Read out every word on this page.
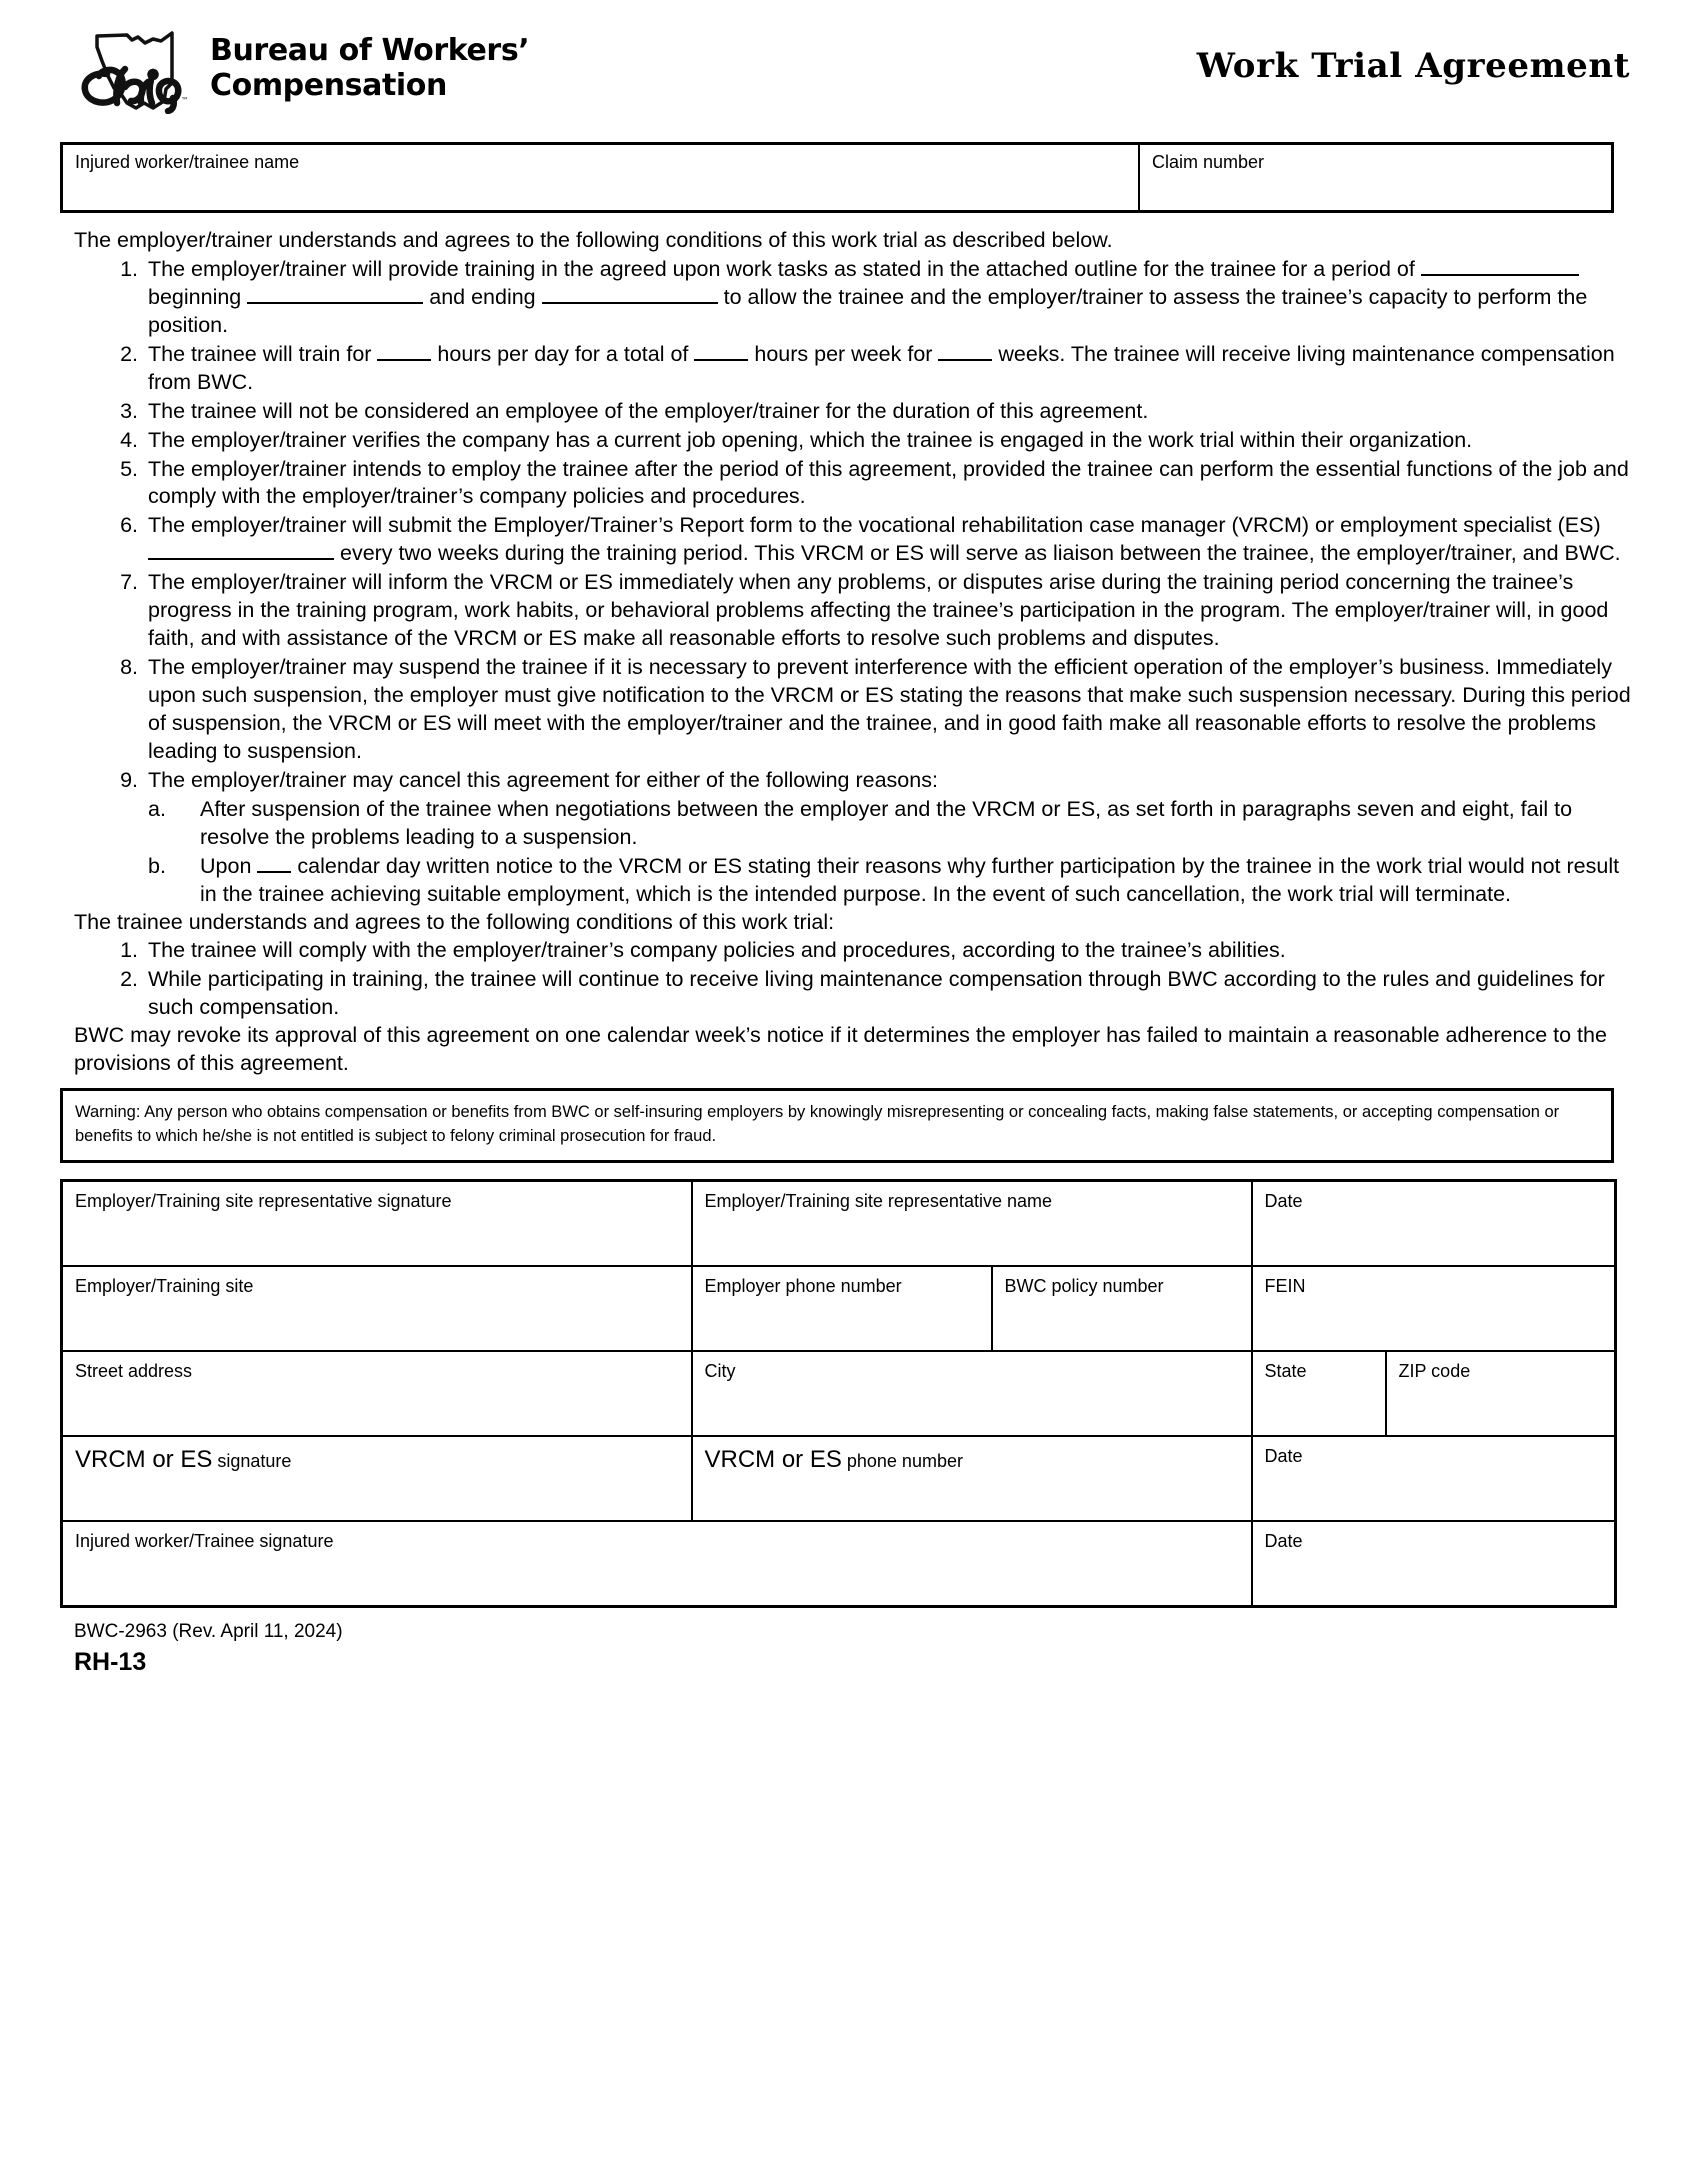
™
Bureau of Workers’
Compensation	Work Trial Agreement
Injured worker/trainee name	Claim number

The employer/trainer understands and agrees to the following conditions of this work trial as described below.

1. The employer/trainer will provide training in the agreed upon work tasks as stated in the attached outline for the trainee for a period of  beginning	and ending	to allow the trainee and the employer/trainer to assess the trainee’s capacity to perform the position.
2. The trainee will train for	hours per day for a total of	hours per week for	weeks. The trainee will receive living maintenance compensation from BWC.
3. The trainee will not be considered an employee of the employer/trainer for the duration of this agreement.
4. The employer/trainer verifies the company has a current job opening, which the trainee is engaged in the work trial within their organization.
5. The employer/trainer intends to employ the trainee after the period of this agreement, provided the trainee can perform the essential functions of the job and comply with the employer/trainer’s company policies and procedures.
6. The employer/trainer will submit the Employer/Trainer’s Report form to the vocational rehabilitation case manager (VRCM) or employment specialist (ES)  every two weeks during the training period. This VRCM or ES will serve as liaison between the trainee, the employer/trainer, and BWC.
7. The employer/trainer will inform the VRCM or ES immediately when any problems, or disputes arise during the training period concerning the trainee’s progress in the training program, work habits, or behavioral problems affecting the trainee’s participation in the program. The employer/trainer will, in good faith, and with assistance of the VRCM or ES make all reasonable efforts to resolve such problems and disputes.
8. The employer/trainer may suspend the trainee if it is necessary to prevent interference with the efficient operation of the employer’s business. Immediately upon such suspension, the employer must give notification to the VRCM or ES stating the reasons that make such suspension necessary. During this period of suspension, the VRCM or ES will meet with the employer/trainer and the trainee, and in good faith make all reasonable efforts to resolve the problems leading to suspension.
9. The employer/trainer may cancel this agreement for either of the following reasons:
a.	After suspension of the trainee when negotiations between the employer and the VRCM or ES, as set forth in paragraphs seven and eight, fail to resolve the problems leading to a suspension.
b.	Upon calendar day written notice to the VRCM or ES stating their reasons why further participation by the trainee in the work trial would not result in the trainee achieving suitable employment, which is the intended purpose. In the event of such cancellation, the work trial will terminate.

The trainee understands and agrees to the following conditions of this work trial:

1. The trainee will comply with the employer/trainer’s company policies and procedures, according to the trainee’s abilities.
2. While participating in training, the trainee will continue to receive living maintenance compensation through BWC according to the rules and guidelines for such compensation.

BWC may revoke its approval of this agreement on one calendar week’s notice if it determines the employer has failed to maintain a reasonable adherence to the provisions of this agreement.

Warning: Any person who obtains compensation or benefits from BWC or self-insuring employers by knowingly misrepresenting or concealing facts, making false statements, or accepting compensation or benefits to which he/she is not entitled is subject to felony criminal prosecution for fraud.
Employer/Training site representative signature	Employer/Training site representative name	Date
Employer/Training site	Employer phone number	BWC policy number	FEIN
Street address	City		State	ZIP code

VRCM or ES signature	VRCM or ES phone number	Date
Injured worker/Trainee signature	Date
BWC-2963 (Rev. April 11, 2024)
RH-13
